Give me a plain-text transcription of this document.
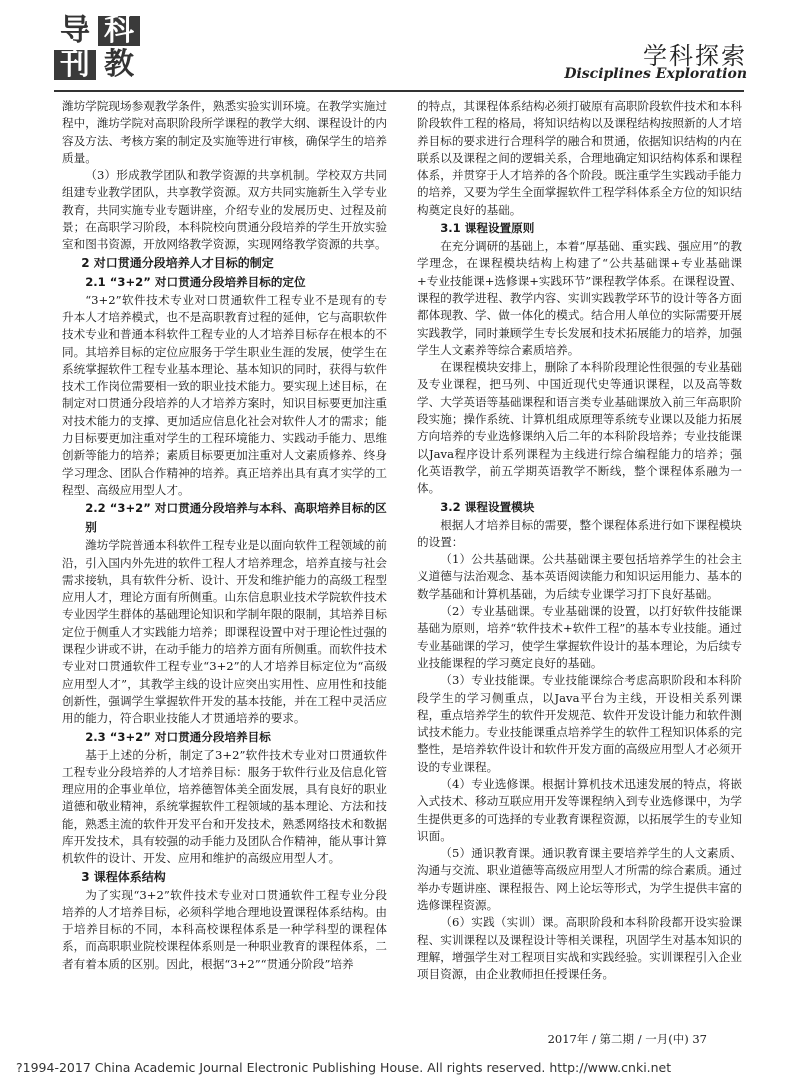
导 科
刊 教	学科探索
Disciplines Exploration

潍坊学院现场参观教学条件，熟悉实验实训环境。在教学实施过程中，潍坊学院对高职阶段所学课程的教学大纲、课程设计的内容及方法、考核方案的制定及实施等进行审核，确保学生的培养质量。

（3）形成教学团队和教学资源的共享机制。学校双方共同组建专业教学团队，共享教学资源。双方共同实施新生入学专业教育，共同实施专业专题讲座，介绍专业的发展历史、过程及前景；在高职学习阶段，本科院校向贯通分段培养的学生开放实验室和图书资源，开放网络教学资源，实现网络教学资源的共享。

2 对口贯通分段培养人才目标的制定
2.1 “3+2” 对口贯通分段培养目标的定位

“3+2”软件技术专业对口贯通软件工程专业不是现有的专升本人才培养模式，也不是高职教育过程的延伸，它与高职软件技术专业和普通本科软件工程专业的人才培养目标存在根本的不同。其培养目标的定位应服务于学生职业生涯的发展，使学生在系统掌握软件工程专业基本理论、基本知识的同时，获得与软件技术工作岗位需要相一致的职业技术能力。要实现上述目标，在制定对口贯通分段培养的人才培养方案时，知识目标要更加注重对技术能力的支撑、更加适应信息化社会对软件人才的需求；能力目标要更加注重对学生的工程环境能力、实践动手能力、思维创新等能力的培养；素质目标要更加注重对人文素质修养、终身学习理念、团队合作精神的培养。真正培养出具有真才实学的工程型、高级应用型人才。

2.2 “3+2” 对口贯通分段培养与本科、高职培养目标的区别

潍坊学院普通本科软件工程专业是以面向软件工程领域的前沿，引入国内外先进的软件工程人才培养理念，培养直接与社会需求接轨，具有软件分析、设计、开发和维护能力的高级工程型应用人才，理论方面有所侧重。山东信息职业技术学院软件技术专业因学生群体的基础理论知识和学制年限的限制，其培养目标定位于侧重人才实践能力培养；即课程设置中对于理论性过强的课程少讲或不讲，在动手能力的培养方面有所侧重。而软件技术专业对口贯通软件工程专业“3+2”的人才培养目标定位为“高级应用型人才”，其教学主线的设计应突出实用性、应用性和技能创新性，强调学生掌握软件开发的基本技能，并在工程中灵活应用的能力，符合职业技能人才贯通培养的要求。

2.3 “3+2” 对口贯通分段培养目标

基于上述的分析，制定了3+2”软件技术专业对口贯通软件工程专业分段培养的人才培养目标：服务于软件行业及信息化管理应用的企事业单位，培养德智体美全面发展，具有良好的职业道德和敬业精神，系统掌握软件工程领域的基本理论、方法和技能，熟悉主流的软件开发平台和开发技术，熟悉网络技术和数据库开发技术，具有较强的动手能力及团队合作精神，能从事计算机软件的设计、开发、应用和维护的高级应用型人才。

3 课程体系结构

为了实现“3+2”软件技术专业对口贯通软件工程专业分段培养的人才培养目标，必须科学地合理地设置课程体系结构。由于培养目标的不同，本科高校课程体系是一种学科型的课程体系，而高职职业院校课程体系则是一种职业教育的课程体系，二者有着本质的区别。因此，根据“3+2”“贯通分阶段”培养

的特点，其课程体系结构必须打破原有高职阶段软件技术和本科阶段软件工程的格局，将知识结构以及课程结构按照新的人才培养目标的要求进行合理科学的融合和贯通，依据知识结构的内在联系以及课程之间的逻辑关系，合理地确定知识结构体系和课程体系，并贯穿于人才培养的各个阶段。既注重学生实践动手能力的培养，又要为学生全面掌握软件工程学科体系全方位的知识结构奠定良好的基础。

3.1 课程设置原则

在充分调研的基础上，本着“厚基础、重实践、强应用”的教学理念，在课程模块结构上构建了“公共基础课+专业基础课+专业技能课+选修课+实践环节”课程教学体系。在课程设置、课程的教学进程、教学内容、实训实践教学环节的设计等各方面都体现教、学、做一体化的模式。结合用人单位的实际需要开展实践教学，同时兼顾学生专长发展和技术拓展能力的培养，加强学生人文素养等综合素质培养。

在课程模块安排上，删除了本科阶段理论性很强的专业基础及专业课程，把马列、中国近现代史等通识课程，以及高等数学、大学英语等基础课程和语言类专业基础课放入前三年高职阶段实施；操作系统、计算机组成原理等系统专业课以及能力拓展方向培养的专业选修课纳入后二年的本科阶段培养；专业技能课以Java程序设计系列课程为主线进行综合编程能力的培养；强化英语教学，前五学期英语教学不断线，整个课程体系融为一体。

3.2 课程设置模块

根据人才培养目标的需要，整个课程体系进行如下课程模块的设置：

（1）公共基础课。公共基础课主要包括培养学生的社会主义道德与法治观念、基本英语阅读能力和知识运用能力、基本的数学基础和计算机基础，为后续专业课学习打下良好基础。

（2）专业基础课。专业基础课的设置，以打好软件技能课基础为原则，培养“软件技术+软件工程”的基本专业技能。通过专业基础课的学习，使学生掌握软件设计的基本理论，为后续专业技能课程的学习奠定良好的基础。

（3）专业技能课。专业技能课综合考虑高职阶段和本科阶段学生的学习侧重点，以Java平台为主线，开设相关系列课程，重点培养学生的软件开发规范、软件开发设计能力和软件测试技术能力。专业技能课重点培养学生的软件工程知识体系的完整性，是培养软件设计和软件开发方面的高级应用型人才必须开设的专业课程。

（4）专业选修课。根据计算机技术迅速发展的特点，将嵌入式技术、移动互联应用开发等课程纳入到专业选修课中，为学生提供更多的可选择的专业教育课程资源，以拓展学生的专业知识面。

（5）通识教育课。通识教育课主要培养学生的人文素质、沟通与交流、职业道德等高级应用型人才所需的综合素质。通过举办专题讲座、课程报告、网上论坛等形式，为学生提供丰富的选修课程资源。

（6）实践（实训）课。高职阶段和本科阶段都开设实验课程、实训课程以及课程设计等相关课程，巩固学生对基本知识的理解，增强学生对工程项目实战和实践经验。实训课程引入企业项目资源，由企业教师担任授课任务。

2017年 / 第二期 / 一月(中) 37
?1994-2017 China Academic Journal Electronic Publishing House. All rights reserved. http://www.cnki.net
